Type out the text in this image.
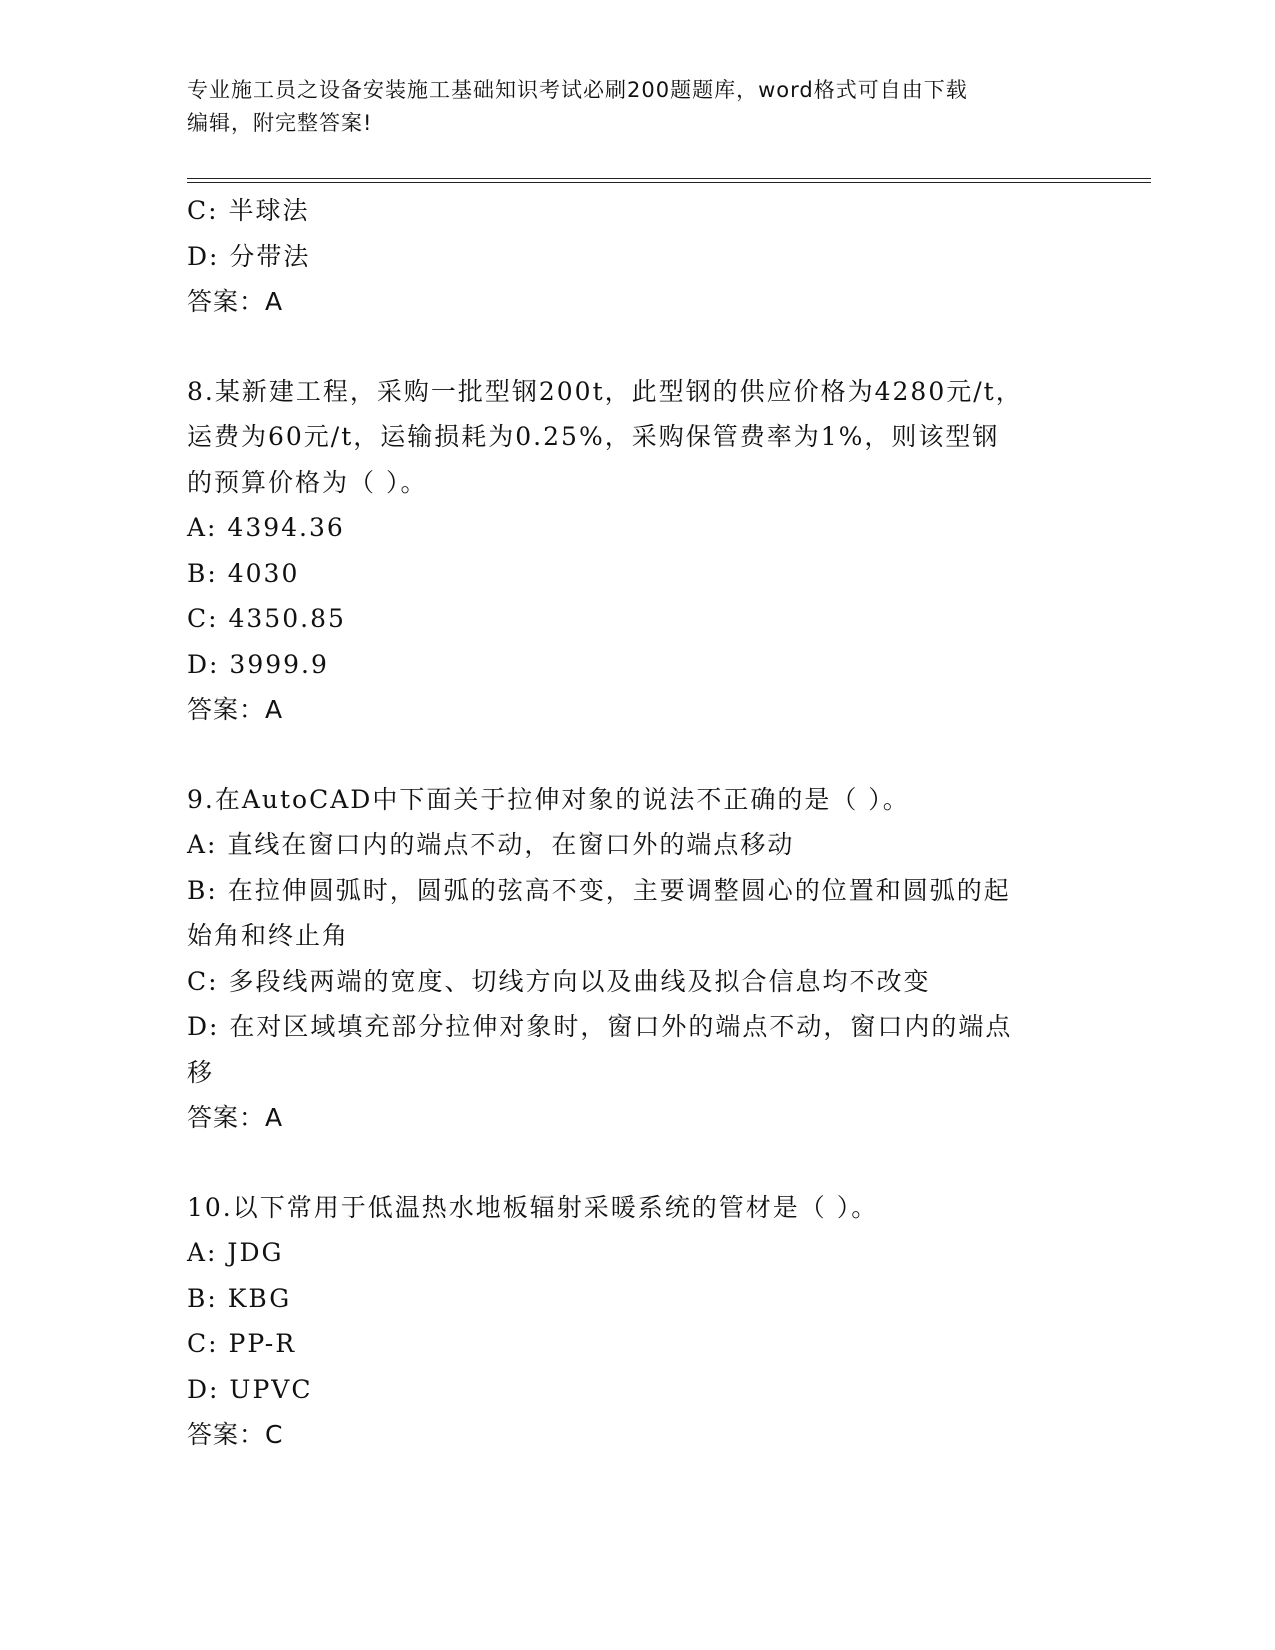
专业施工员之设备安装施工基础知识考试必刷200题题库，word格式可自由下载
编辑，附完整答案!
C: 半球法
D: 分带法
答案：A
8.某新建工程，采购一批型钢200t，此型钢的供应价格为4280元/t，
运费为60元/t，运输损耗为0.25%，采购保管费率为1%，则该型钢
的预算价格为（ ）。
A: 4394.36
B: 4030
C: 4350.85
D: 3999.9
答案：A
9.在AutoCAD中下面关于拉伸对象的说法不正确的是（ ）。
A: 直线在窗口内的端点不动，在窗口外的端点移动
B: 在拉伸圆弧时，圆弧的弦高不变，主要调整圆心的位置和圆弧的起
始角和终止角
C: 多段线两端的宽度、切线方向以及曲线及拟合信息均不改变
D: 在对区域填充部分拉伸对象时，窗口外的端点不动，窗口内的端点
移
答案：A
10.以下常用于低温热水地板辐射采暖系统的管材是（ ）。
A: JDG
B: KBG
C: PP-R
D: UPVC
答案：C
